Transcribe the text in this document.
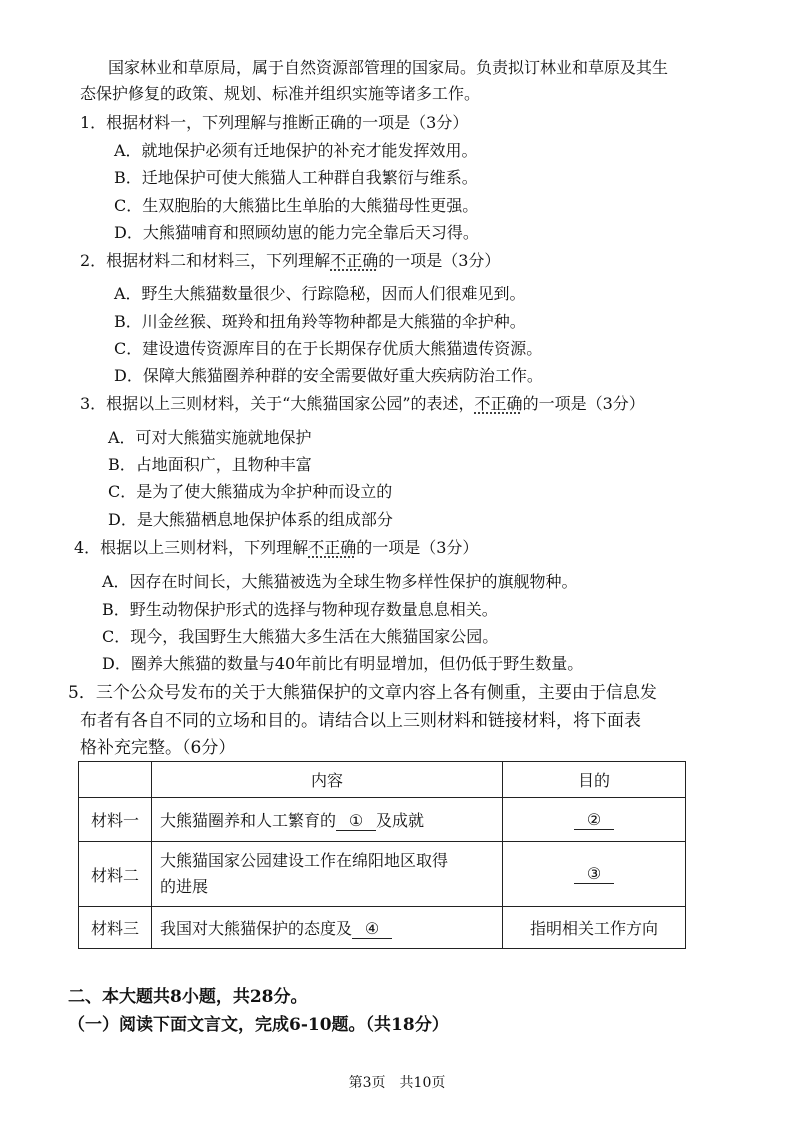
国家林业和草原局，属于自然资源部管理的国家局。负责拟订林业和草原及其生
态保护修复的政策、规划、标准并组织实施等诸多工作。
1．根据材料一，下列理解与推断正确的一项是（3分）
A．就地保护必须有迁地保护的补充才能发挥效用。
B．迁地保护可使大熊猫人工种群自我繁衍与维系。
C．生双胞胎的大熊猫比生单胎的大熊猫母性更强。
D．大熊猫哺育和照顾幼崽的能力完全靠后天习得。
2．根据材料二和材料三，下列理解不正确的一项是（3分）
A．野生大熊猫数量很少、行踪隐秘，因而人们很难见到。
B．川金丝猴、斑羚和扭角羚等物种都是大熊猫的伞护种。
C．建设遗传资源库目的在于长期保存优质大熊猫遗传资源。
D．保障大熊猫圈养种群的安全需要做好重大疾病防治工作。
3．根据以上三则材料，关于“大熊猫国家公园”的表述，不正确的一项是（3分）
A．可对大熊猫实施就地保护
B．占地面积广，且物种丰富
C．是为了使大熊猫成为伞护种而设立的
D．是大熊猫栖息地保护体系的组成部分
4．根据以上三则材料，下列理解不正确的一项是（3分）
A．因存在时间长，大熊猫被选为全球生物多样性保护的旗舰物种。
B．野生动物保护形式的选择与物种现存数量息息相关。
C．现今，我国野生大熊猫大多生活在大熊猫国家公园。
D．圈养大熊猫的数量与40年前比有明显增加，但仍低于野生数量。
5．三个公众号发布的关于大熊猫保护的文章内容上各有侧重，主要由于信息发
布者有各自不同的立场和目的。请结合以上三则材料和链接材料，将下面表
格补充完整。（6分）
	内容	目的
材料一	大熊猫圈养和人工繁育的 ① 及成就	②
材料二	大熊猫国家公园建设工作在绵阳地区取得
的进展	③
材料三	我国对大熊猫保护的态度及 ④	指明相关工作方向
二、本大题共8小题，共28分。
（一）阅读下面文言文，完成6-10题。（共18分）
第3页　共10页
